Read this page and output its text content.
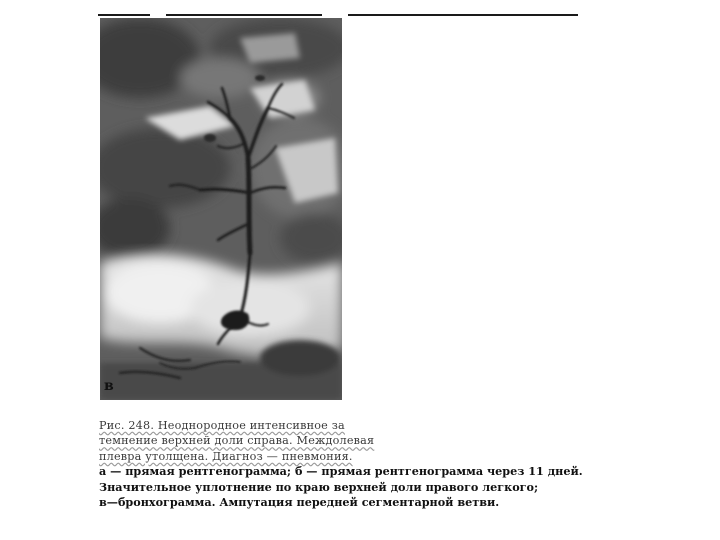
в
Рис. 248. Неоднородное интенсивное за
темнение верхней доли справа. Междолевая
плевра утолщена. Диагноз — пневмония.
а — прямая рентгенограмма; б — прямая рентгенограмма через 11 дней.
Значительное уплотнение по краю верхней доли правого легкого;
в—бронхограмма. Ампутация передней сегментарной ветви.
